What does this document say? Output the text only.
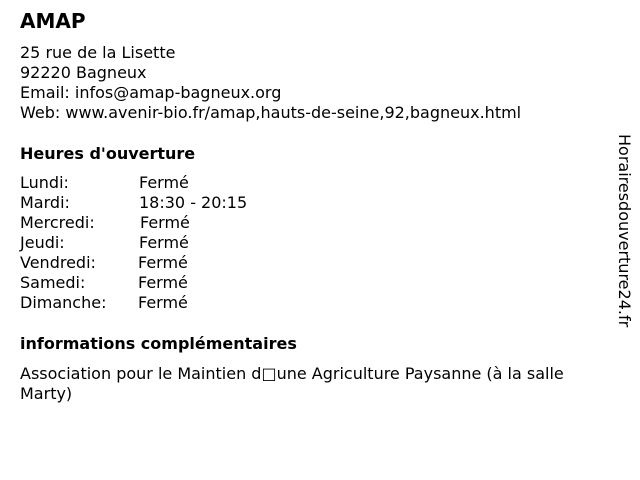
AMAP
25 rue de la Lisette
92220 Bagneux
Email: infos@amap-bagneux.org
Web: www.avenir-bio.fr/amap,hauts-de-seine,92,bagneux.html
Heures d'ouverture
Lundi:	Fermé
Mardi:	18:30 - 20:15
Mercredi:	Fermé
Jeudi:	Fermé
Vendredi:	Fermé
Samedi:	Fermé
Dimanche: Fermé
informations complémentaires
Association pour le Maintien d□une Agriculture Paysanne (à la salle Marty)
Horairesdouverture24.fr
